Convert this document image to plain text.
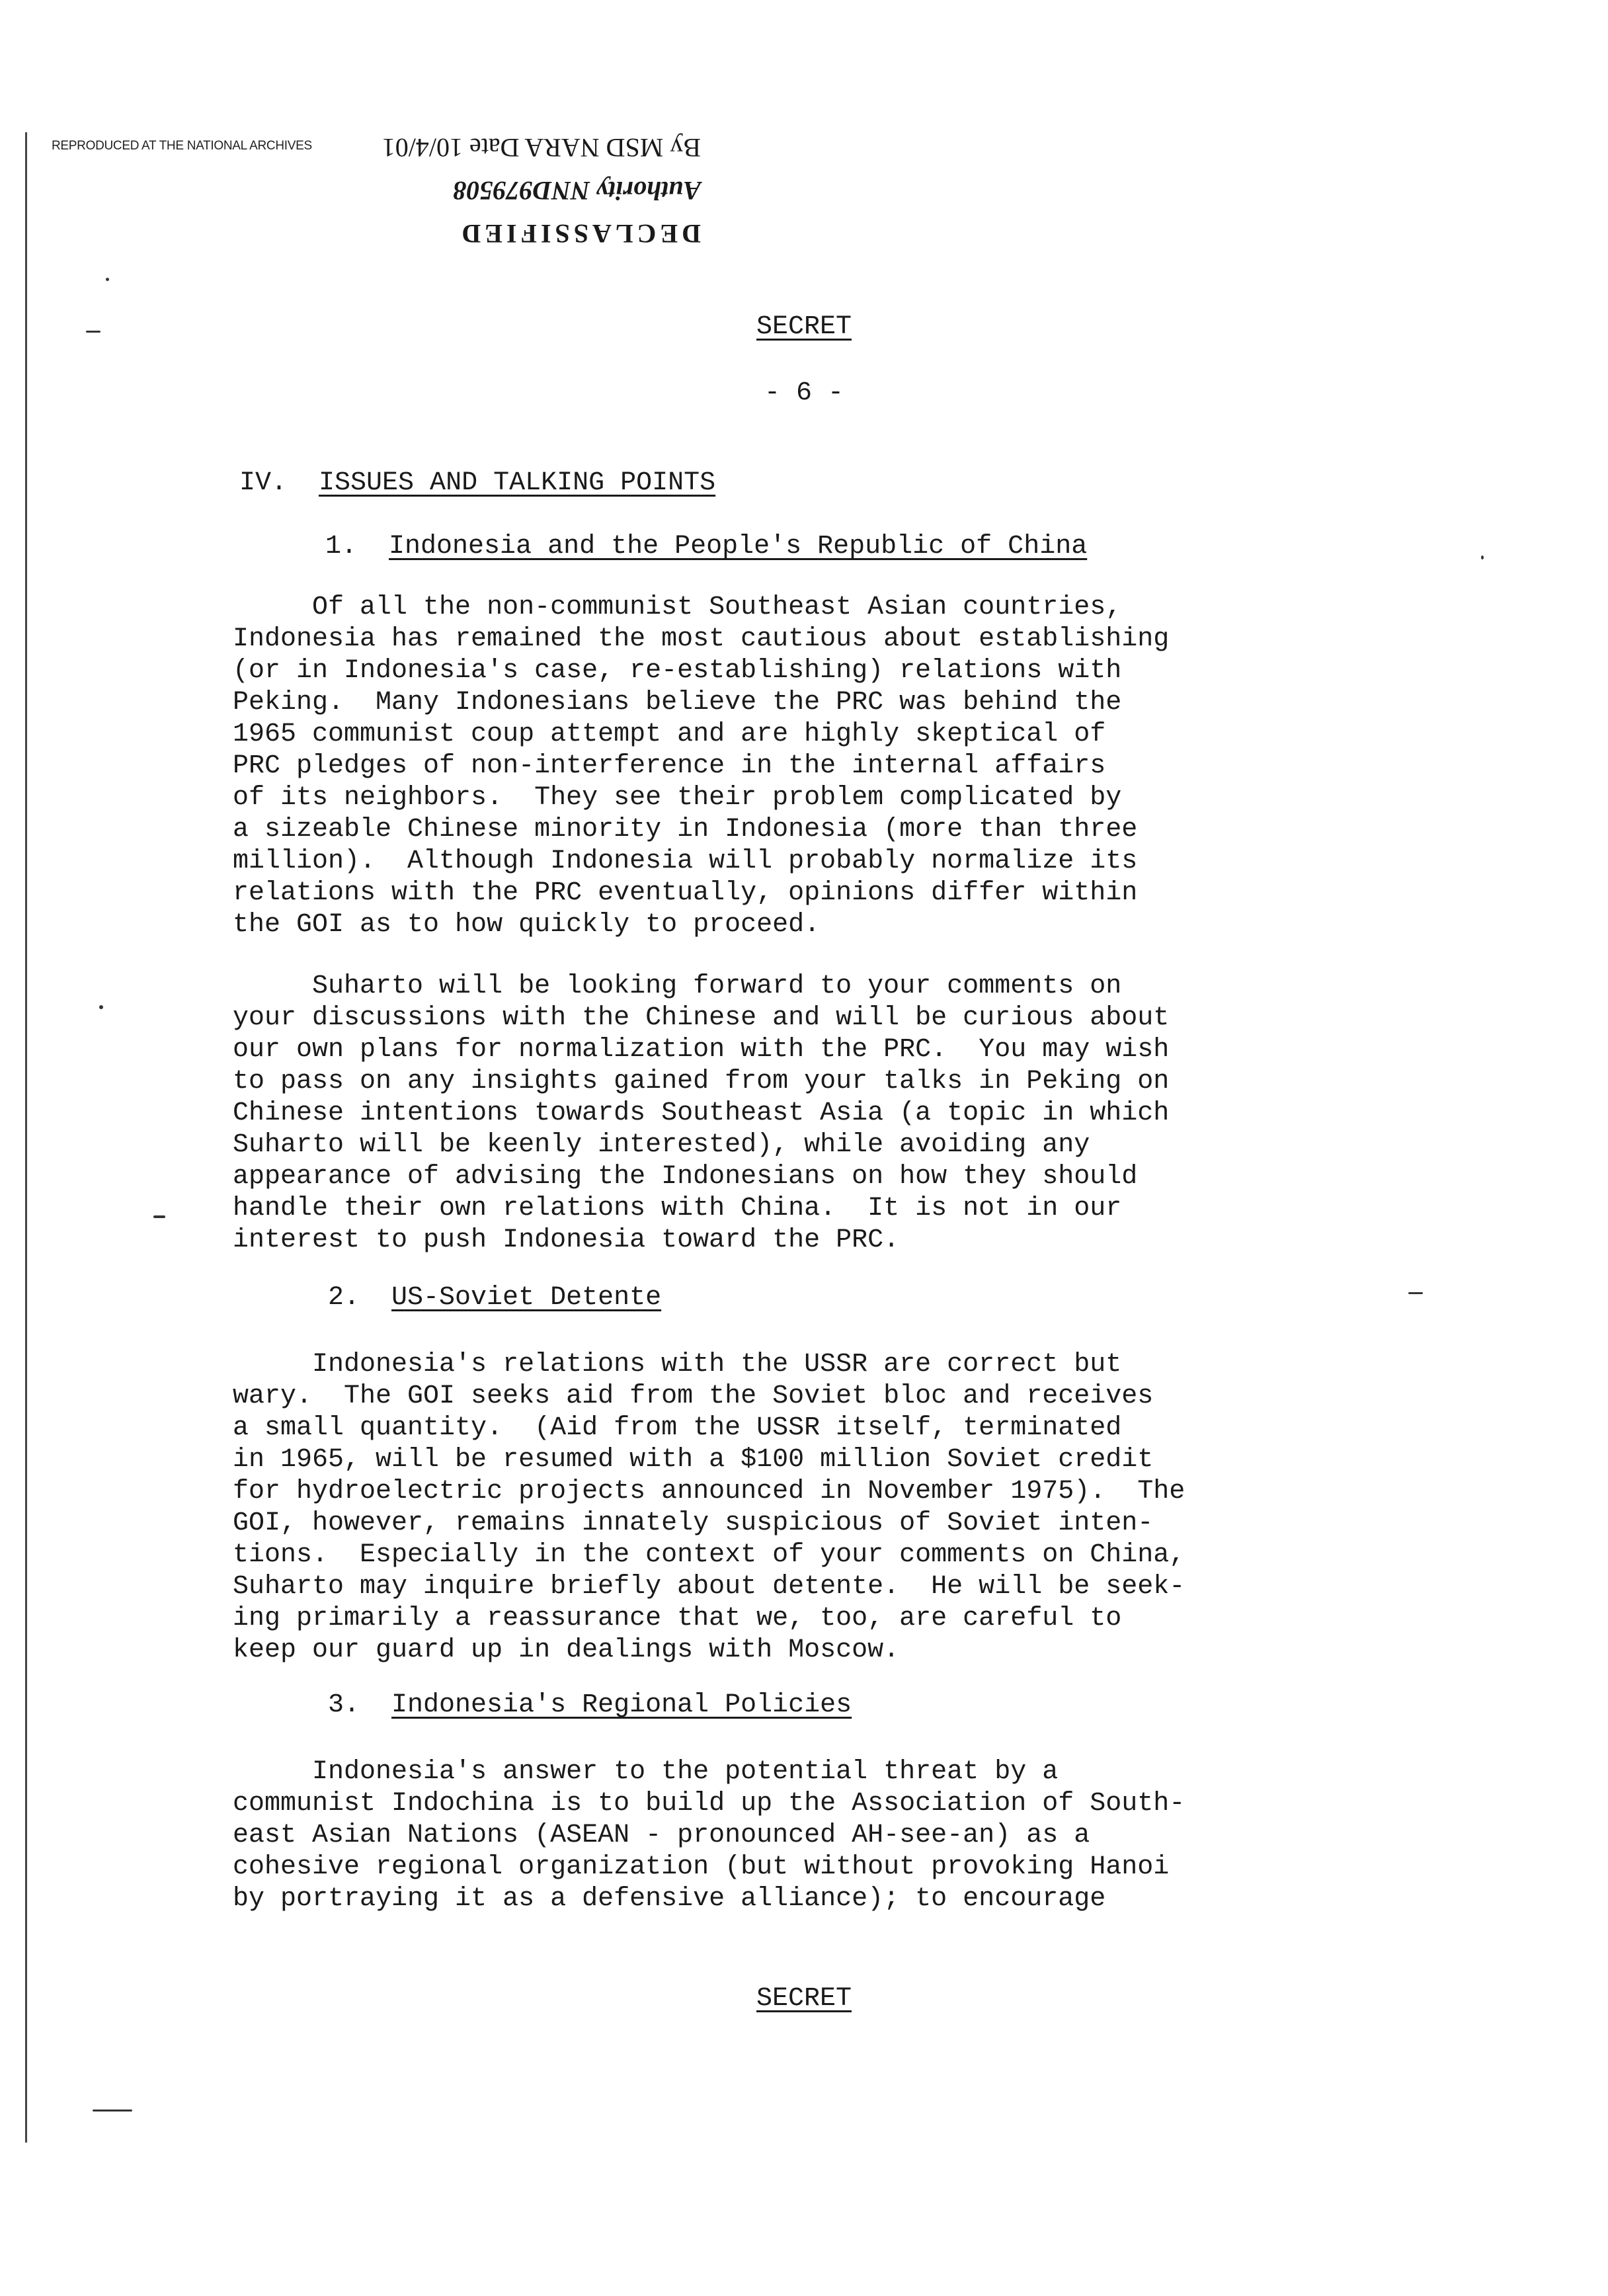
REPRODUCED AT THE NATIONAL ARCHIVES	By MSD NARA Date 10/4/01
Authority NND979508
DECLASSIFIED
SECRET
- 6 -
IV. ISSUES AND TALKING POINTS
1. Indonesia and the People's Republic of China
Of all the non-communist Southeast Asian countries,
Indonesia has remained the most cautious about establishing
(or in Indonesia's case, re-establishing) relations with
Peking.  Many Indonesians believe the PRC was behind the
1965 communist coup attempt and are highly skeptical of
PRC pledges of non-interference in the internal affairs
of its neighbors.  They see their problem complicated by
a sizeable Chinese minority in Indonesia (more than three
million).  Although Indonesia will probably normalize its
relations with the PRC eventually, opinions differ within
the GOI as to how quickly to proceed.
Suharto will be looking forward to your comments on
your discussions with the Chinese and will be curious about
our own plans for normalization with the PRC.  You may wish
to pass on any insights gained from your talks in Peking on
Chinese intentions towards Southeast Asia (a topic in which
Suharto will be keenly interested), while avoiding any
appearance of advising the Indonesians on how they should
handle their own relations with China.  It is not in our
interest to push Indonesia toward the PRC.
2. US-Soviet Detente
Indonesia's relations with the USSR are correct but
wary.  The GOI seeks aid from the Soviet bloc and receives
a small quantity.  (Aid from the USSR itself, terminated
in 1965, will be resumed with a $100 million Soviet credit
for hydroelectric projects announced in November 1975).  The
GOI, however, remains innately suspicious of Soviet inten-
tions.  Especially in the context of your comments on China,
Suharto may inquire briefly about detente.  He will be seek-
ing primarily a reassurance that we, too, are careful to
keep our guard up in dealings with Moscow.
3. Indonesia's Regional Policies
Indonesia's answer to the potential threat by a
communist Indochina is to build up the Association of South-
east Asian Nations (ASEAN - pronounced AH-see-an) as a
cohesive regional organization (but without provoking Hanoi
by portraying it as a defensive alliance); to encourage
SECRET
